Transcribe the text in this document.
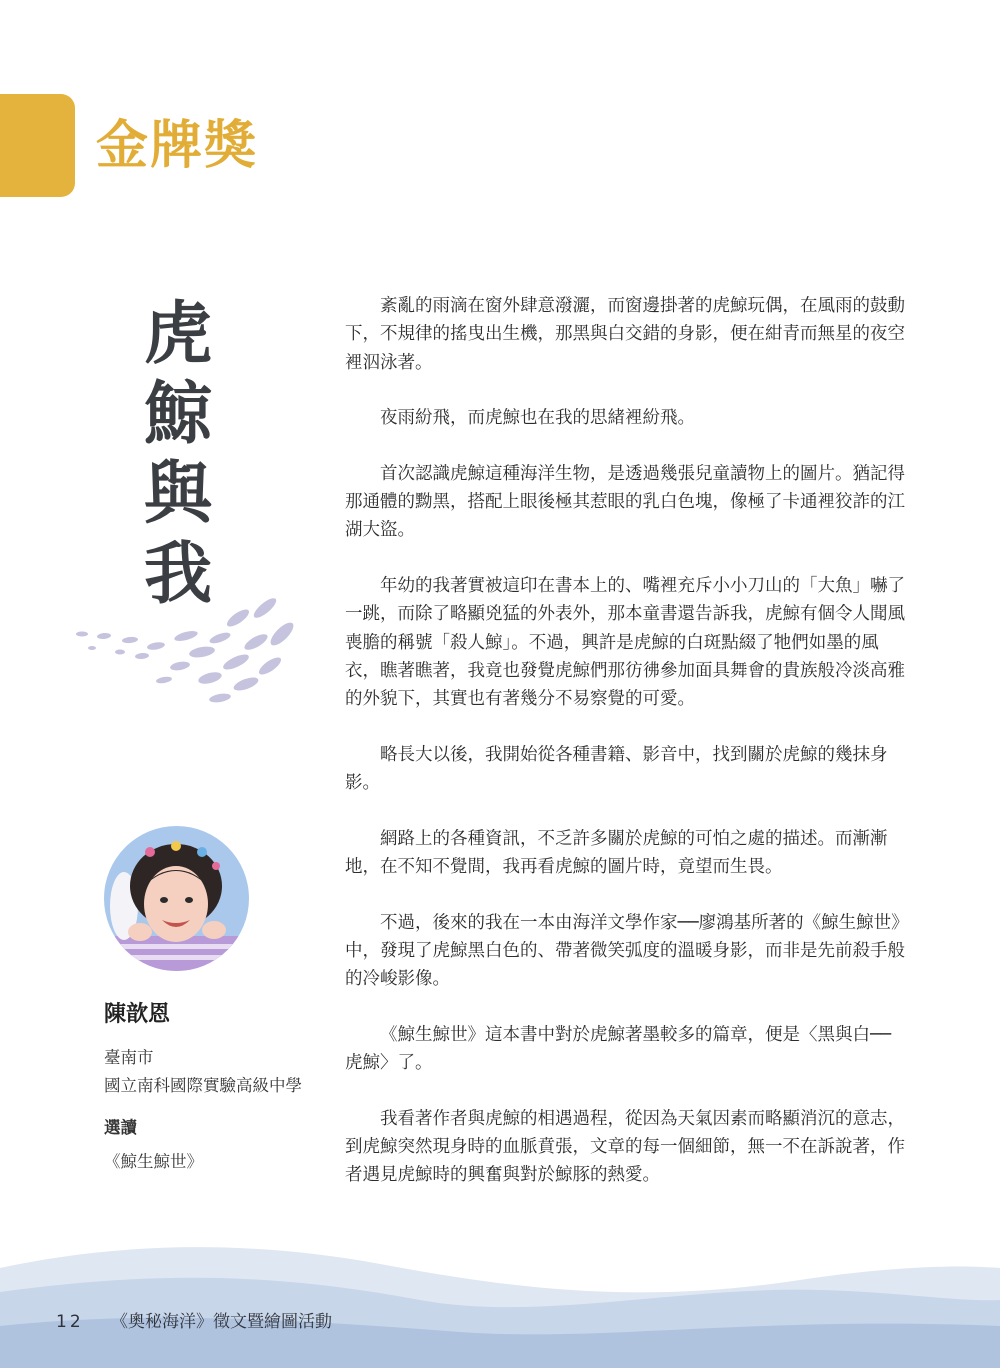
金牌獎
虎
鯨
與
我
陳歆恩
臺南市
國立南科國際實驗高級中學
選讀
《鯨生鯨世》

紊亂的雨滴在窗外肆意潑灑，而窗邊掛著的虎鯨玩偶，在風雨的鼓動下，不規律的搖曳出生機，那黑與白交錯的身影，便在紺青而無星的夜空裡泅泳著。

夜雨紛飛，而虎鯨也在我的思緒裡紛飛。

首次認識虎鯨這種海洋生物，是透過幾張兒童讀物上的圖片。猶記得那通體的黝黑，搭配上眼後極其惹眼的乳白色塊，像極了卡通裡狡詐的江湖大盜。

年幼的我著實被這印在書本上的、嘴裡充斥小小刀山的「大魚」嚇了一跳，而除了略顯兇猛的外表外，那本童書還告訴我，虎鯨有個令人聞風喪膽的稱號「殺人鯨」。不過，興許是虎鯨的白斑點綴了牠們如墨的風衣，瞧著瞧著，我竟也發覺虎鯨們那彷彿參加面具舞會的貴族般冷淡高雅的外貌下，其實也有著幾分不易察覺的可愛。

略長大以後，我開始從各種書籍、影音中，找到關於虎鯨的幾抹身影。

網路上的各種資訊，不乏許多關於虎鯨的可怕之處的描述。而漸漸地，在不知不覺間，我再看虎鯨的圖片時，竟望而生畏。

不過，後來的我在一本由海洋文學作家──廖鴻基所著的《鯨生鯨世》中，發現了虎鯨黑白色的、帶著微笑弧度的溫暖身影，而非是先前殺手般的冷峻影像。

《鯨生鯨世》這本書中對於虎鯨著墨較多的篇章，便是〈黑與白──虎鯨〉了。

我看著作者與虎鯨的相遇過程，從因為天氣因素而略顯消沉的意志，到虎鯨突然現身時的血脈賁張，文章的每一個細節，無一不在訴說著，作者遇見虎鯨時的興奮與對於鯨豚的熱愛。

12 《奧秘海洋》徵文暨繪圖活動
